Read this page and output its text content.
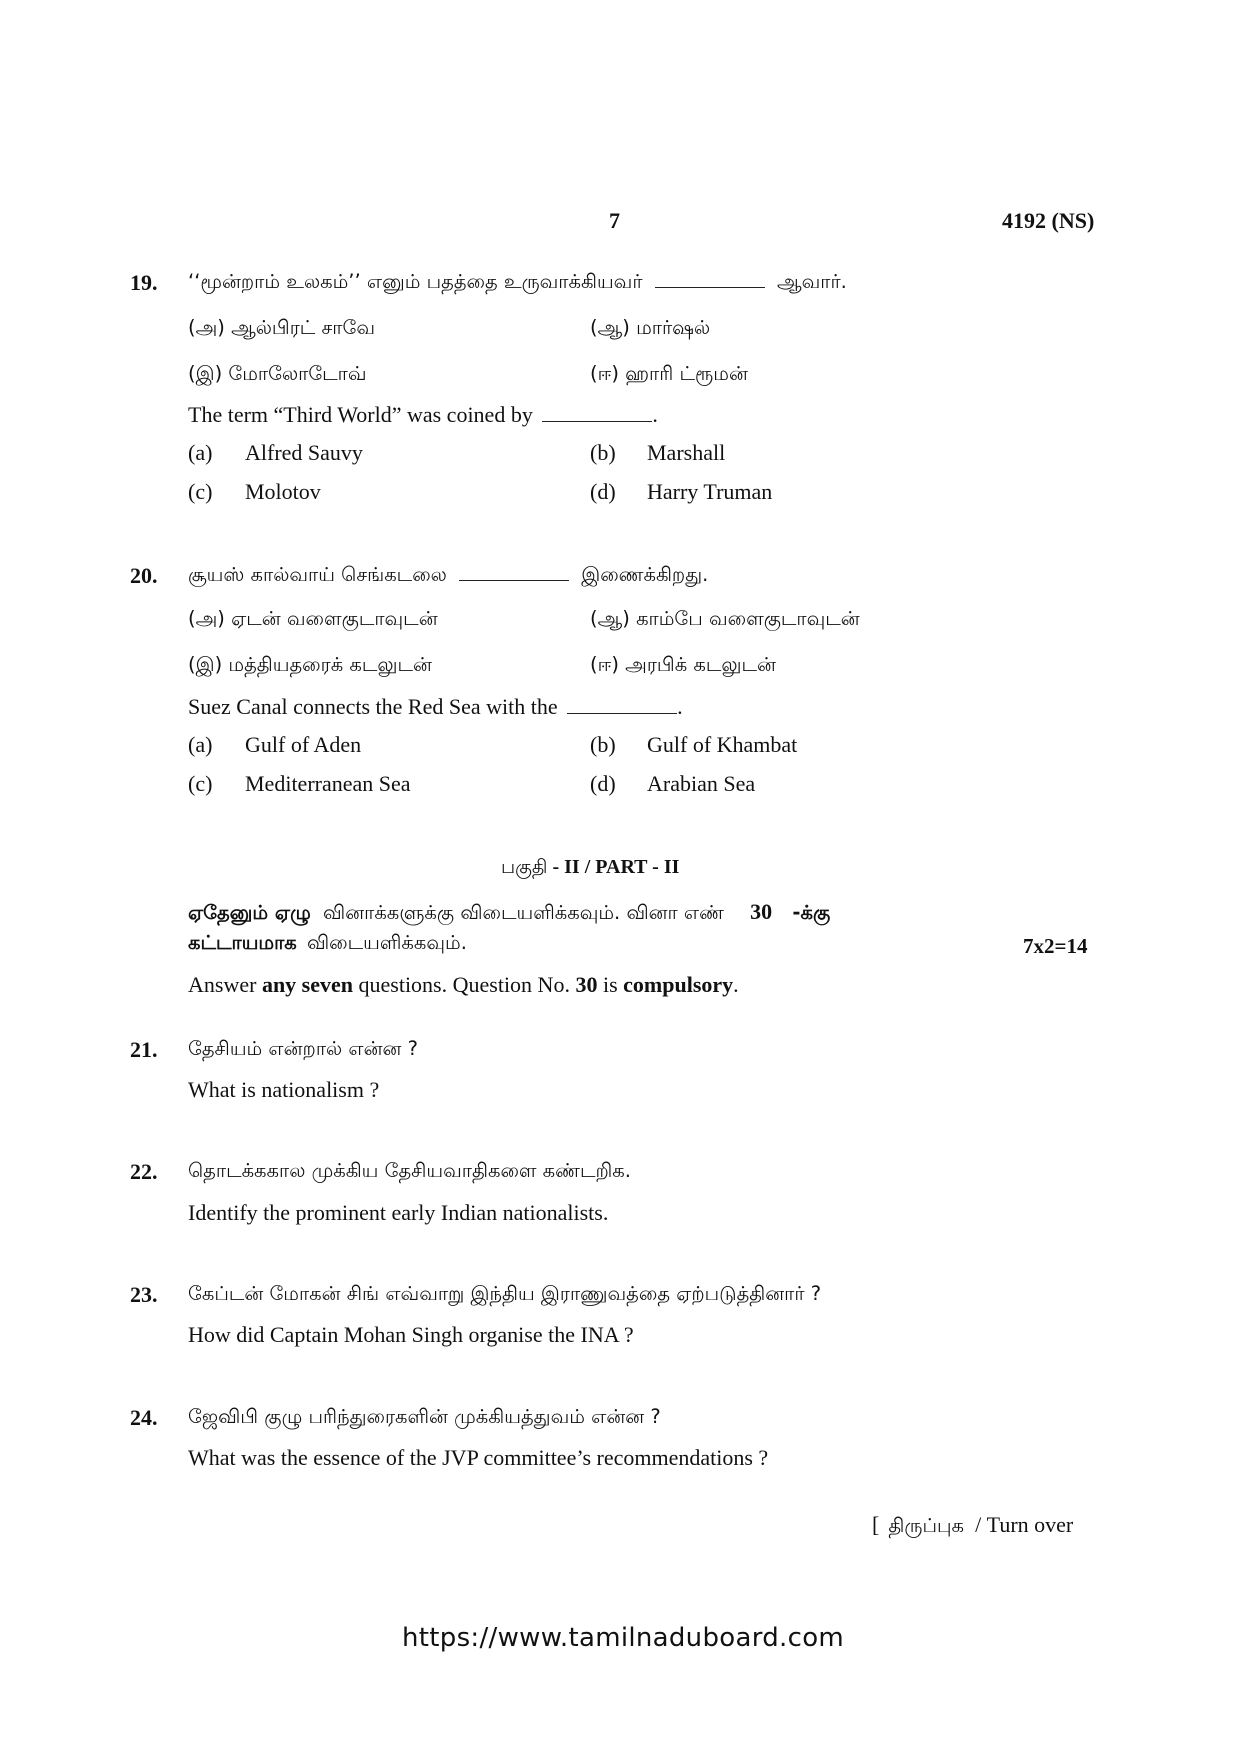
7	4192 (NS)
19. ‘‘மூன்றாம் உலகம்’’ எனும் பதத்தை உருவாக்கியவர்	ஆவார்.
(அ) ஆல்பிரட் சாவே	(ஆ) மார்ஷல்
(இ) மோலோடோவ்	(ஈ) ஹாரி ட்ரூமன்
The term “Third World” was coined by	.
(a) Alfred Sauvy	(b) Marshall
(c) Molotov	(d) Harry Truman
20. சூயஸ் கால்வாய் செங்கடலை	இணைக்கிறது.
(அ) ஏடன் வளைகுடாவுடன்	(ஆ) காம்பே வளைகுடாவுடன்
(இ) மத்தியதரைக் கடலுடன்	(ஈ) அரபிக் கடலுடன்
Suez Canal connects the Red Sea with the	.
(a) Gulf of Aden	(b) Gulf of Khambat
(c) Mediterranean Sea	(d) Arabian Sea
பகுதி - II / PART - II
ஏதேனும் ஏழு வினாக்களுக்கு விடையளிக்கவும். வினா எண் 30 -க்கு
கட்டாயமாக விடையளிக்கவும்.	7x2=14
Answer any seven questions. Question No. 30 is compulsory.
21. தேசியம் என்றால் என்ன ?
What is nationalism ?
22. தொடக்ககால முக்கிய தேசியவாதிகளை கண்டறிக.
Identify the prominent early Indian nationalists.
23. கேப்டன் மோகன் சிங் எவ்வாறு இந்திய இராணுவத்தை ஏற்படுத்தினார் ?
How did Captain Mohan Singh organise the INA ?
24. ஜேவிபி குழு பரிந்துரைகளின் முக்கியத்துவம் என்ன ?
What was the essence of the JVP committee’s recommendations ?
[ திருப்புக / Turn over
https://www.tamilnaduboard.com
